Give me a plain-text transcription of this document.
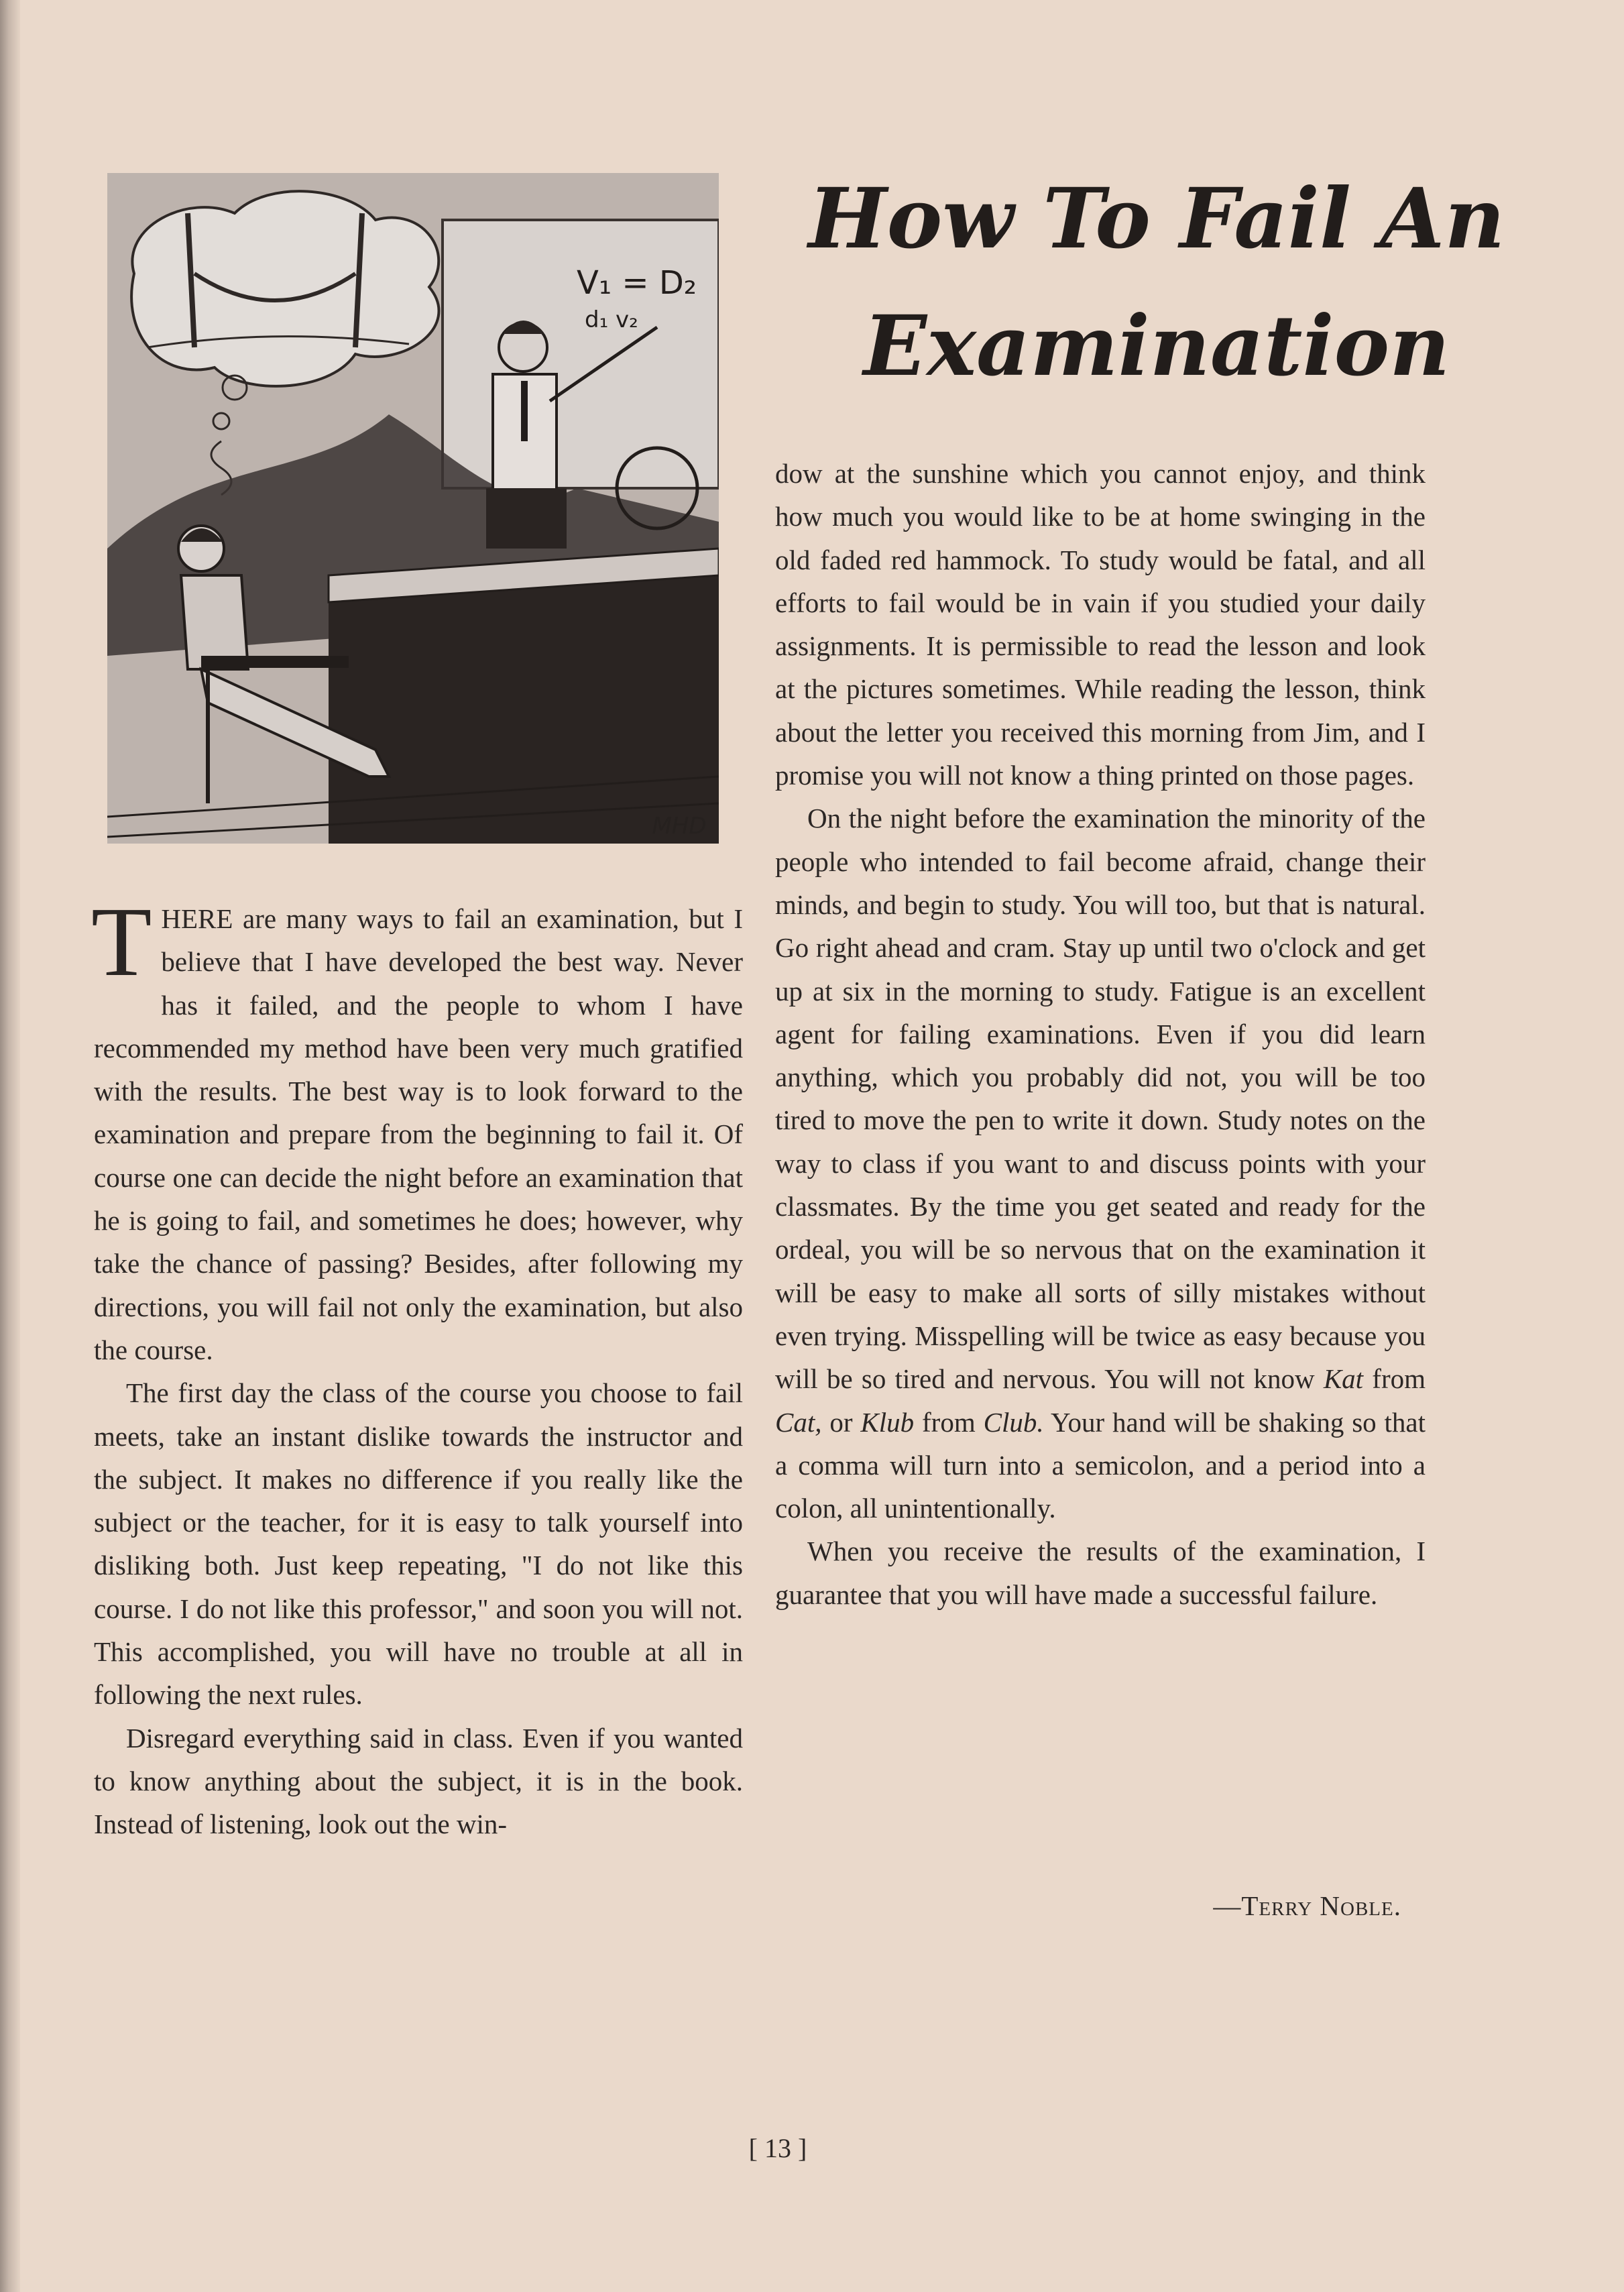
V₁ = D₂
d₁ v₂
MHD
How To Fail An
Examination

THERE are many ways to fail an examination, but I believe that I have developed the best way. Never has it failed, and the people to whom I have recommended my method have been very much gratified with the results. The best way is to look forward to the examination and prepare from the beginning to fail it. Of course one can decide the night before an examination that he is going to fail, and sometimes he does; however, why take the chance of passing? Besides, after following my directions, you will fail not only the examination, but also the course.

The first day the class of the course you choose to fail meets, take an instant dislike towards the instructor and the subject. It makes no difference if you really like the subject or the teacher, for it is easy to talk yourself into disliking both. Just keep repeating, "I do not like this course. I do not like this professor," and soon you will not. This accomplished, you will have no trouble at all in following the next rules.

Disregard everything said in class. Even if you wanted to know anything about the subject, it is in the book. Instead of listening, look out the win-

dow at the sunshine which you cannot enjoy, and think how much you would like to be at home swinging in the old faded red hammock. To study would be fatal, and all efforts to fail would be in vain if you studied your daily assignments. It is permissible to read the lesson and look at the pictures sometimes. While reading the lesson, think about the letter you received this morning from Jim, and I promise you will not know a thing printed on those pages.

On the night before the examination the minority of the people who intended to fail become afraid, change their minds, and begin to study. You will too, but that is natural. Go right ahead and cram. Stay up until two o'clock and get up at six in the morning to study. Fatigue is an excellent agent for failing examinations. Even if you did learn anything, which you probably did not, you will be too tired to move the pen to write it down. Study notes on the way to class if you want to and discuss points with your classmates. By the time you get seated and ready for the ordeal, you will be so nervous that on the examination it will be easy to make all sorts of silly mistakes without even trying. Misspelling will be twice as easy because you will be so tired and nervous. You will not know Kat from Cat, or Klub from Club. Your hand will be shaking so that a comma will turn into a semicolon, and a period into a colon, all unintentionally.

When you receive the results of the examination, I guarantee that you will have made a successful failure.

—Terry Noble.
[ 13 ]
